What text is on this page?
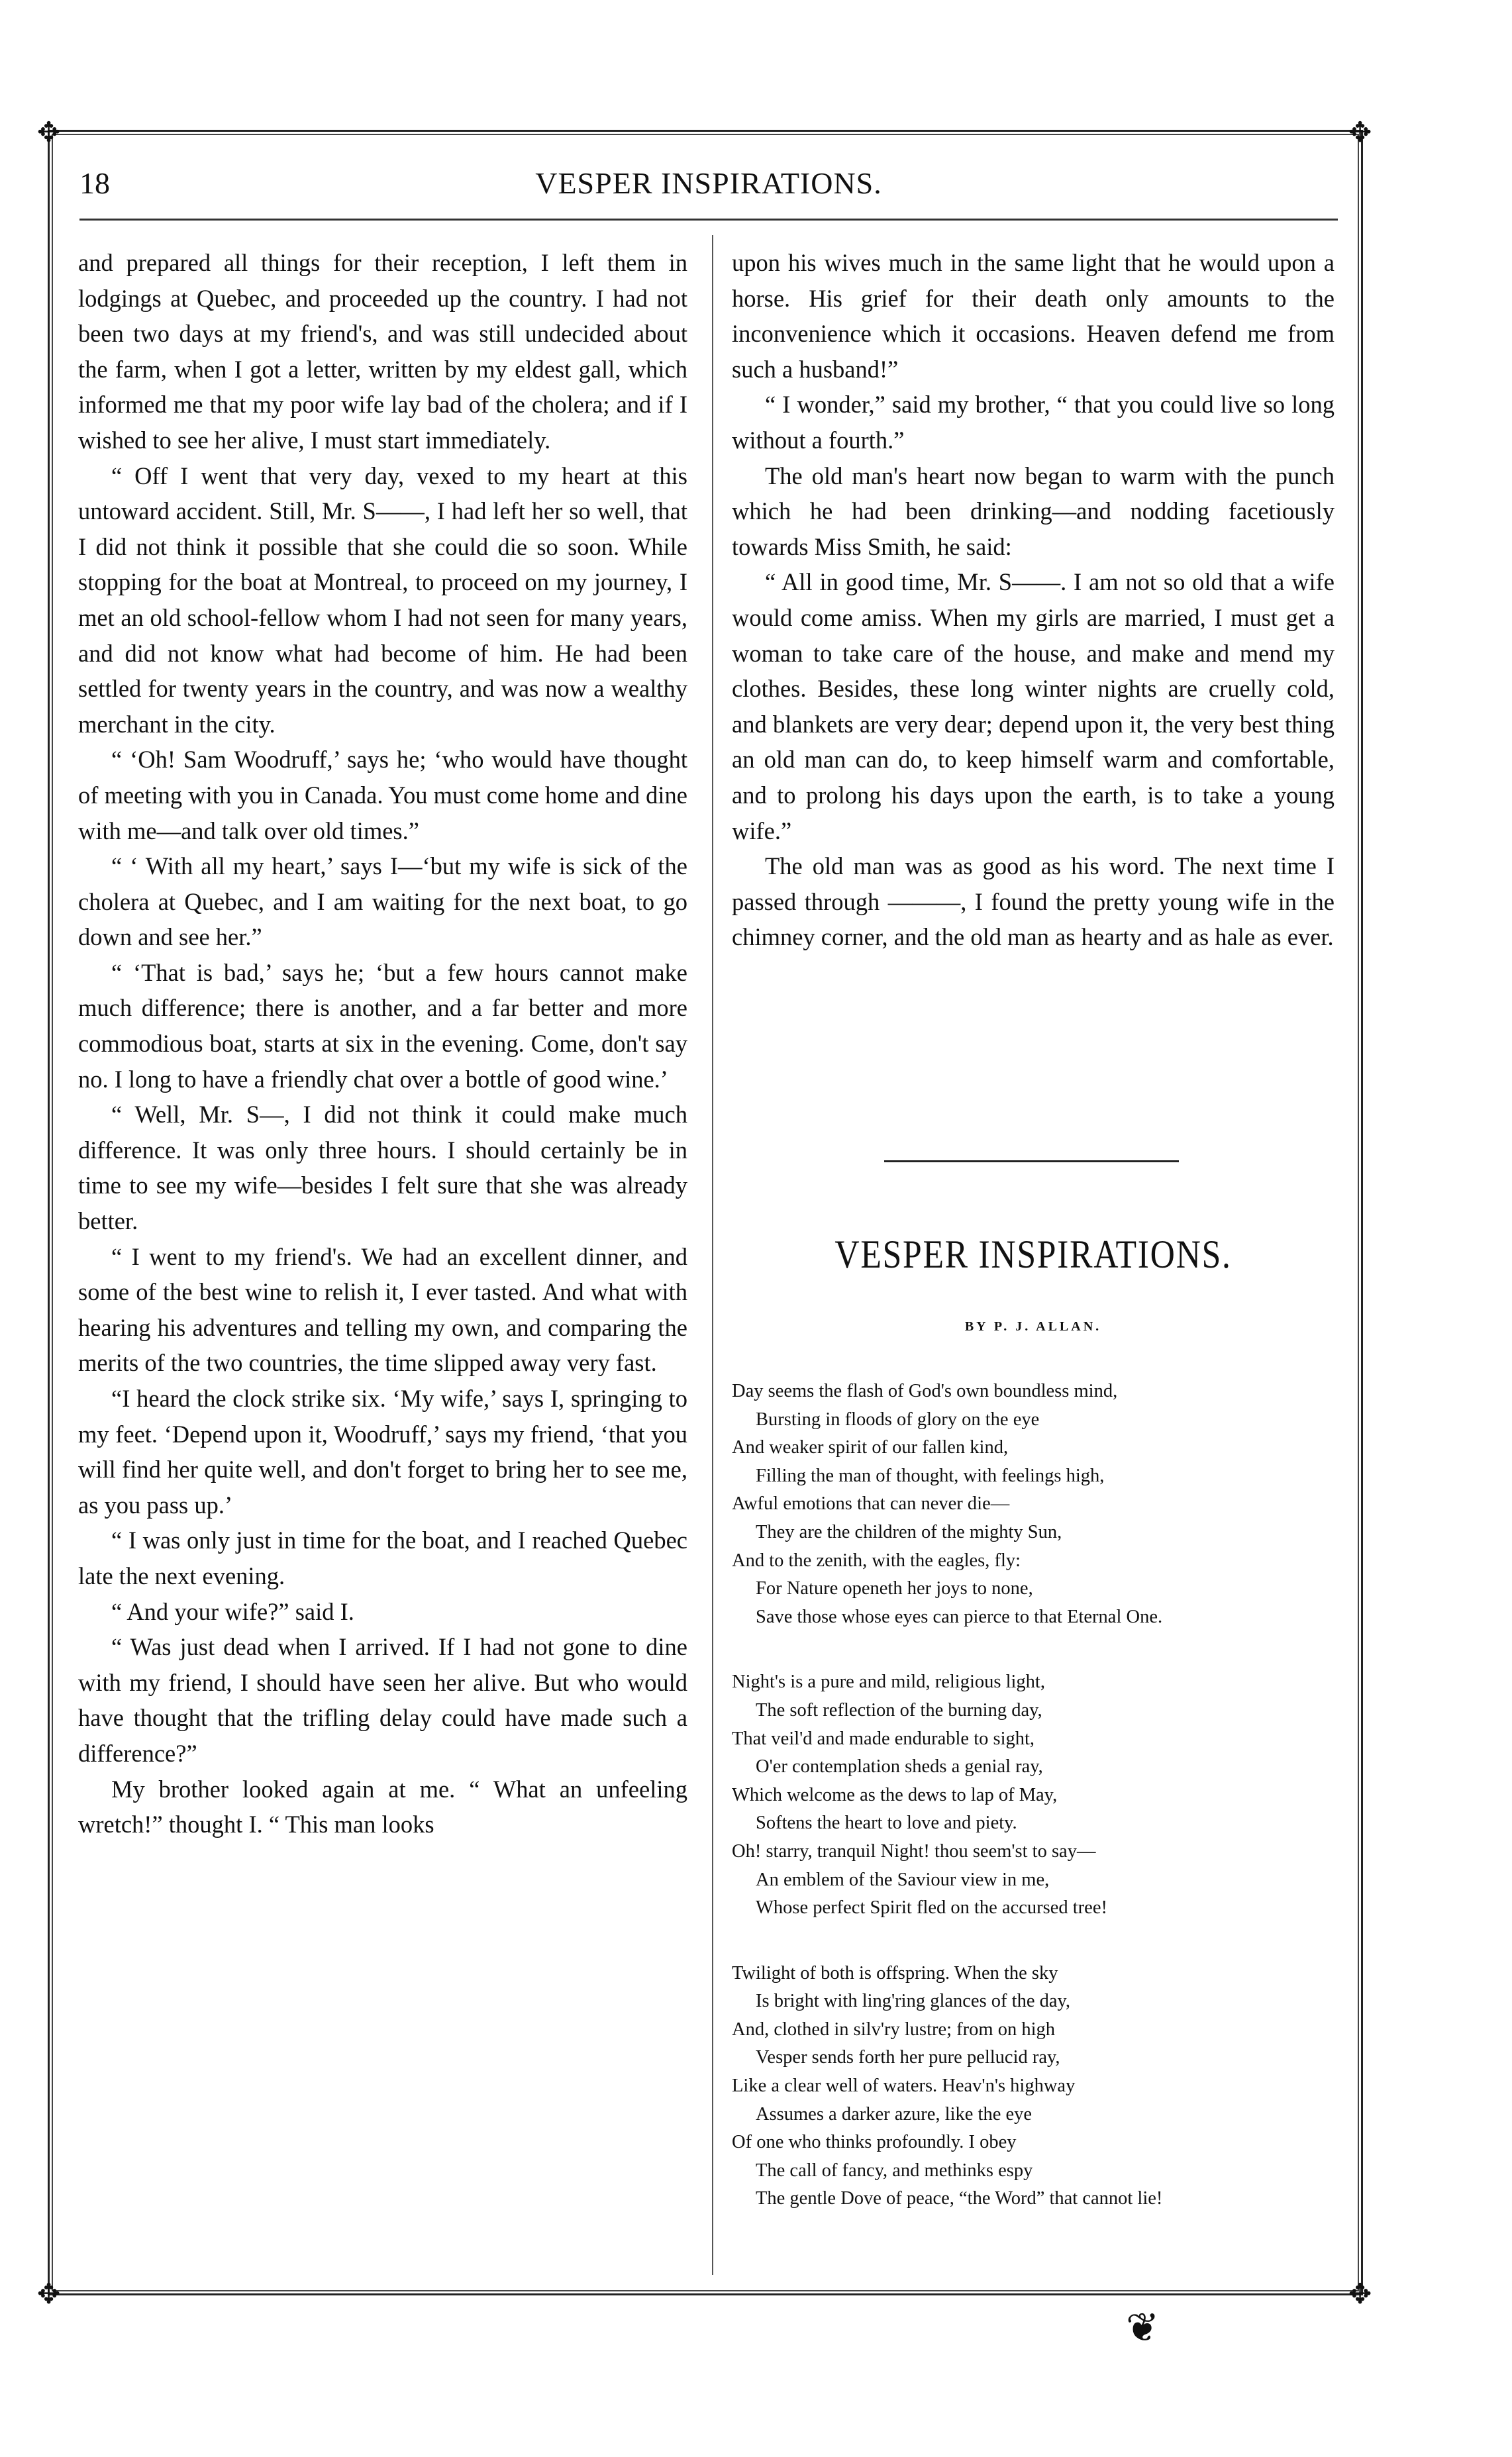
✥	✥
✥	✥
VESPER INSPIRATIONS.
18

and prepared all things for their reception, I left them in lodgings at Quebec, and proceeded up the country. I had not been two days at my friend's, and was still undecided about the farm, when I got a letter, written by my eldest gall, which informed me that my poor wife lay bad of the cholera; and if I wished to see her alive, I must start immediately.

“ Off I went that very day, vexed to my heart at this untoward accident. Still, Mr. S——, I had left her so well, that I did not think it possible that she could die so soon. While stopping for the boat at Montreal, to proceed on my journey, I met an old school-fellow whom I had not seen for many years, and did not know what had become of him. He had been settled for twenty years in the country, and was now a wealthy merchant in the city.

“ ‘Oh! Sam Woodruff,’ says he; ‘who would have thought of meeting with you in Canada. You must come home and dine with me—and talk over old times.”

“ ‘ With all my heart,’ says I—‘but my wife is sick of the cholera at Quebec, and I am waiting for the next boat, to go down and see her.”

“ ‘That is bad,’ says he; ‘but a few hours cannot make much difference; there is another, and a far better and more commodious boat, starts at six in the evening. Come, don't say no. I long to have a friendly chat over a bottle of good wine.’

“ Well, Mr. S—, I did not think it could make much difference. It was only three hours. I should certainly be in time to see my wife—besides I felt sure that she was already better.

“ I went to my friend's. We had an excellent dinner, and some of the best wine to relish it, I ever tasted. And what with hearing his adventures and telling my own, and comparing the merits of the two countries, the time slipped away very fast.

“I heard the clock strike six. ‘My wife,’ says I, springing to my feet. ‘Depend upon it, Woodruff,’ says my friend, ‘that you will find her quite well, and don't forget to bring her to see me, as you pass up.’

“ I was only just in time for the boat, and I reached Quebec late the next evening.

“ And your wife?” said I.

“ Was just dead when I arrived. If I had not gone to dine with my friend, I should have seen her alive. But who would have thought that the trifling delay could have made such a difference?”

My brother looked again at me. “ What an unfeeling wretch!” thought I. “ This man looks

upon his wives much in the same light that he would upon a horse. His grief for their death only amounts to the inconvenience which it occasions. Heaven defend me from such a husband!”

“ I wonder,” said my brother, “ that you could live so long without a fourth.”

The old man's heart now began to warm with the punch which he had been drinking—and nodding facetiously towards Miss Smith, he said:

“ All in good time, Mr. S——. I am not so old that a wife would come amiss. When my girls are married, I must get a woman to take care of the house, and make and mend my clothes. Besides, these long winter nights are cruelly cold, and blankets are very dear; depend upon it, the very best thing an old man can do, to keep himself warm and comfortable, and to prolong his days upon the earth, is to take a young wife.”

The old man was as good as his word. The next time I passed through ———, I found the pretty young wife in the chimney corner, and the old man as hearty and as hale as ever.

VESPER INSPIRATIONS.
BY P. J. ALLAN.
Day seems the flash of God's own boundless mind,
Bursting in floods of glory on the eye
And weaker spirit of our fallen kind,
Filling the man of thought, with feelings high,
Awful emotions that can never die—
They are the children of the mighty Sun,
And to the zenith, with the eagles, fly:
For Nature openeth her joys to none,
Save those whose eyes can pierce to that Eternal One.
Night's is a pure and mild, religious light,
The soft reflection of the burning day,
That veil'd and made endurable to sight,
O'er contemplation sheds a genial ray,
Which welcome as the dews to lap of May,
Softens the heart to love and piety.
Oh! starry, tranquil Night! thou seem'st to say—
An emblem of the Saviour view in me,
Whose perfect Spirit fled on the accursed tree!
Twilight of both is offspring. When the sky
Is bright with ling'ring glances of the day,
And, clothed in silv'ry lustre; from on high
Vesper sends forth her pure pellucid ray,
Like a clear well of waters. Heav'n's highway
Assumes a darker azure, like the eye
Of one who thinks profoundly. I obey
The call of fancy, and methinks espy
The gentle Dove of peace, “the Word” that cannot lie!
❦
